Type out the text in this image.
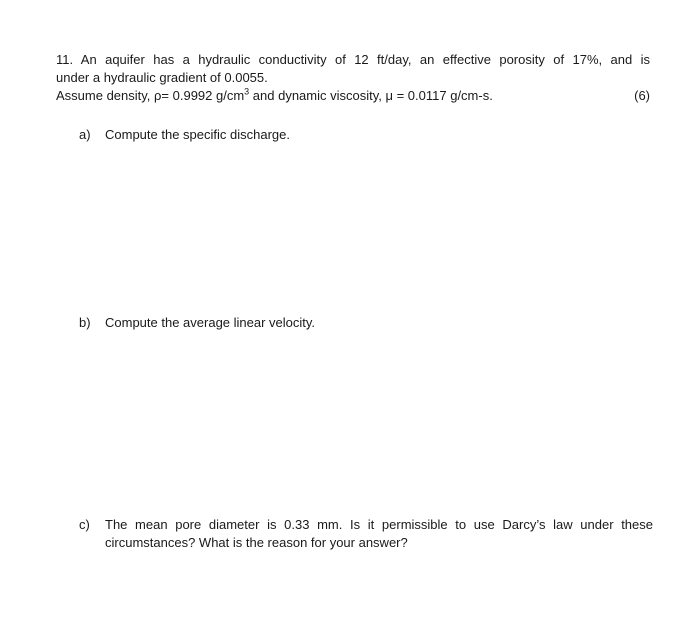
11. An aquifer has a hydraulic conductivity of 12 ft/day, an effective porosity of 17%, and is
under a hydraulic gradient of 0.0055.
Assume density, ρ= 0.9992 $g/cm^3$ and dynamic viscosity, μ = 0.0117 g/cm-s.	(6)
a) Compute the specific discharge.
b) Compute the average linear velocity.
c) The mean pore diameter is 0.33 mm. Is it permissible to use Darcy’s law under these
circumstances? What is the reason for your answer?
